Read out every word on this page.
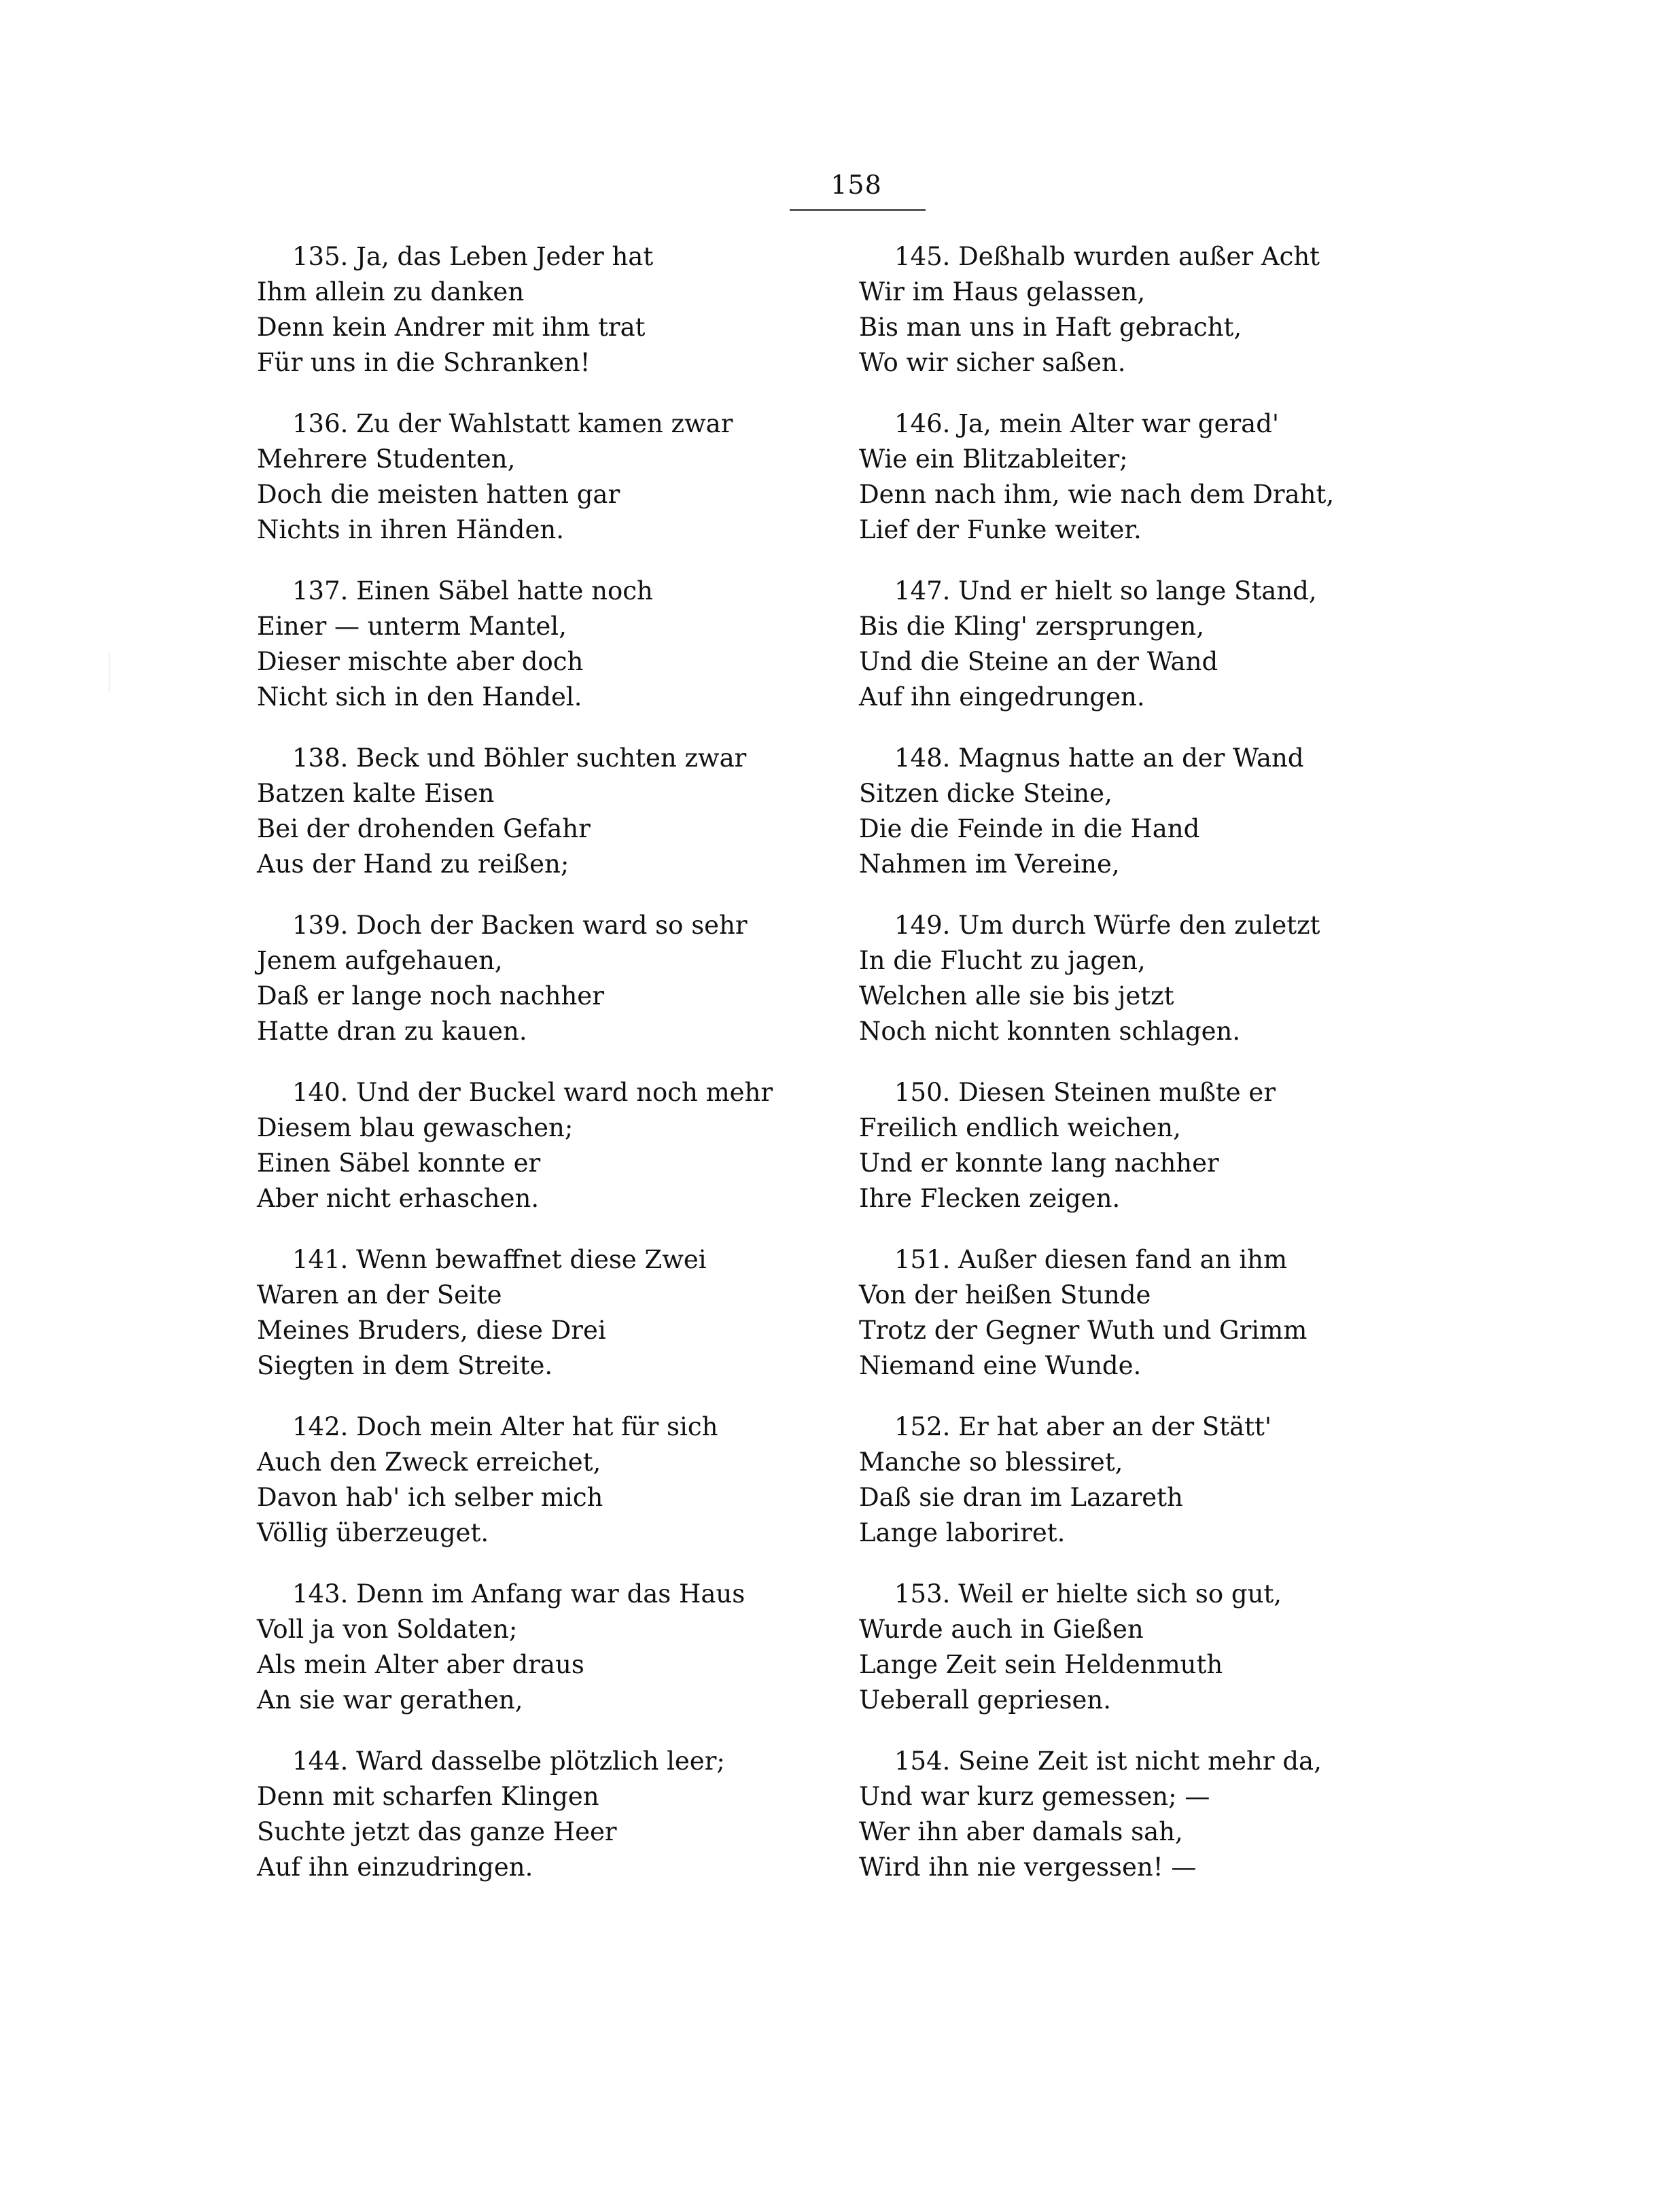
158
135. Ja, das Leben Jeder hat
Ihm allein zu danken
Denn kein Andrer mit ihm trat
Für uns in die Schranken!
136. Zu der Wahlstatt kamen zwar
Mehrere Studenten,
Doch die meisten hatten gar
Nichts in ihren Händen.
137. Einen Säbel hatte noch
Einer — unterm Mantel,
Dieser mischte aber doch
Nicht sich in den Handel.
138. Beck und Böhler suchten zwar
Batzen kalte Eisen
Bei der drohenden Gefahr
Aus der Hand zu reißen;
139. Doch der Backen ward so sehr
Jenem aufgehauen,
Daß er lange noch nachher
Hatte dran zu kauen.
140. Und der Buckel ward noch mehr
Diesem blau gewaschen;
Einen Säbel konnte er
Aber nicht erhaschen.
141. Wenn bewaffnet diese Zwei
Waren an der Seite
Meines Bruders, diese Drei
Siegten in dem Streite.
142. Doch mein Alter hat für sich
Auch den Zweck erreichet,
Davon hab' ich selber mich
Völlig überzeuget.
143. Denn im Anfang war das Haus
Voll ja von Soldaten;
Als mein Alter aber draus
An sie war gerathen,
144. Ward dasselbe plötzlich leer;
Denn mit scharfen Klingen
Suchte jetzt das ganze Heer
Auf ihn einzudringen.
145. Deßhalb wurden außer Acht
Wir im Haus gelassen,
Bis man uns in Haft gebracht,
Wo wir sicher saßen.
146. Ja, mein Alter war gerad'
Wie ein Blitzableiter;
Denn nach ihm, wie nach dem Draht,
Lief der Funke weiter.
147. Und er hielt so lange Stand,
Bis die Kling' zersprungen,
Und die Steine an der Wand
Auf ihn eingedrungen.
148. Magnus hatte an der Wand
Sitzen dicke Steine,
Die die Feinde in die Hand
Nahmen im Vereine,
149. Um durch Würfe den zuletzt
In die Flucht zu jagen,
Welchen alle sie bis jetzt
Noch nicht konnten schlagen.
150. Diesen Steinen mußte er
Freilich endlich weichen,
Und er konnte lang nachher
Ihre Flecken zeigen.
151. Außer diesen fand an ihm
Von der heißen Stunde
Trotz der Gegner Wuth und Grimm
Niemand eine Wunde.
152. Er hat aber an der Stätt'
Manche so blessiret,
Daß sie dran im Lazareth
Lange laboriret.
153. Weil er hielte sich so gut,
Wurde auch in Gießen
Lange Zeit sein Heldenmuth
Ueberall gepriesen.
154. Seine Zeit ist nicht mehr da,
Und war kurz gemessen; —
Wer ihn aber damals sah,
Wird ihn nie vergessen! —
